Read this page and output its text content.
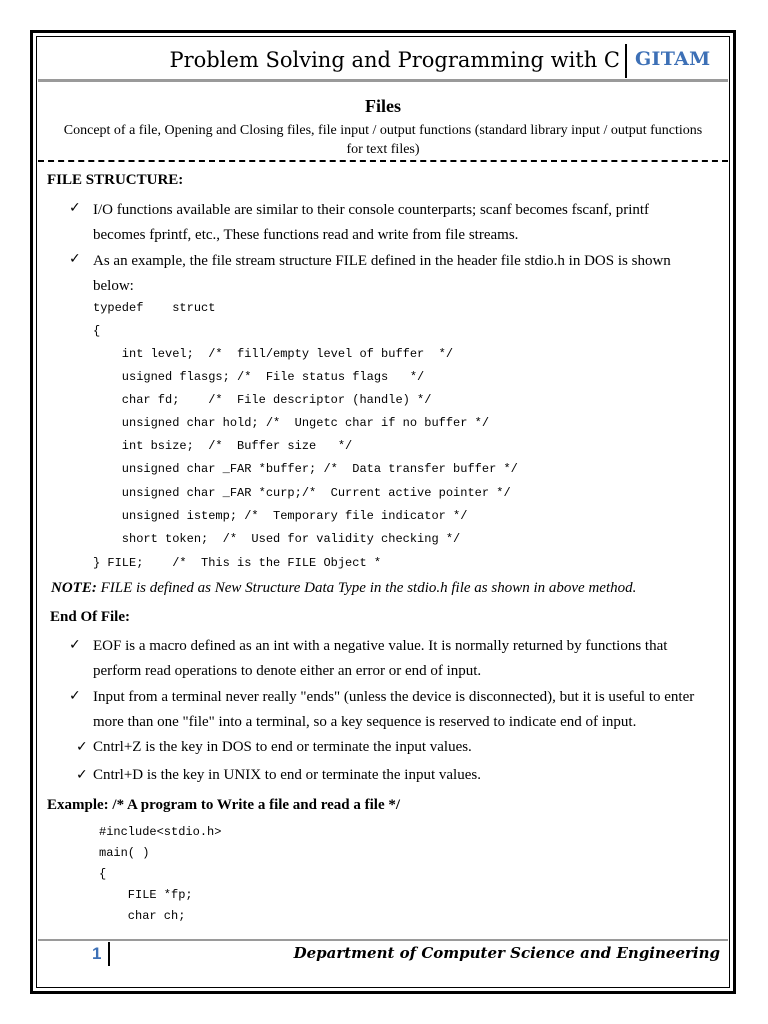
Problem Solving and Programming with C GITAM
Files
Concept of a file, Opening and Closing files, file input / output functions (standard library input / output functions for text files)
FILE STRUCTURE:
✓ I/O functions available are similar to their console counterparts; scanf becomes fscanf, printf becomes fprintf, etc., These functions read and write from file streams.
✓ As an example, the file stream structure FILE defined in the header file stdio.h in DOS is shown below:
typedef    struct
{
int level;  /*  fill/empty level of buffer  */
usigned flasgs; /*  File status flags   */
char fd;    /*  File descriptor (handle) */
unsigned char hold; /*  Ungetc char if no buffer */
int bsize;  /*  Buffer size   */
unsigned char _FAR *buffer; /*  Data transfer buffer */
unsigned char _FAR *curp;/*  Current active pointer */
unsigned istemp; /*  Temporary file indicator */
short token;  /*  Used for validity checking */
} FILE;    /*  This is the FILE Object *
NOTE: FILE is defined as New Structure Data Type in the stdio.h file as shown in above method.
End Of File:
✓ EOF is a macro defined as an int with a negative value. It is normally returned by functions that perform read operations to denote either an error or end of input.
✓ Input from a terminal never really "ends" (unless the device is disconnected), but it is useful to enter more than one "file" into a terminal, so a key sequence is reserved to indicate end of input.
✓ Cntrl+Z is the key in DOS to end or terminate the input values.
✓ Cntrl+D is the key in UNIX to end or terminate the input values.
Example: /* A program to Write a file and read a file */
#include<stdio.h>
main( )
{
FILE *fp;
char ch;
1	Department of Computer Science and Engineering
